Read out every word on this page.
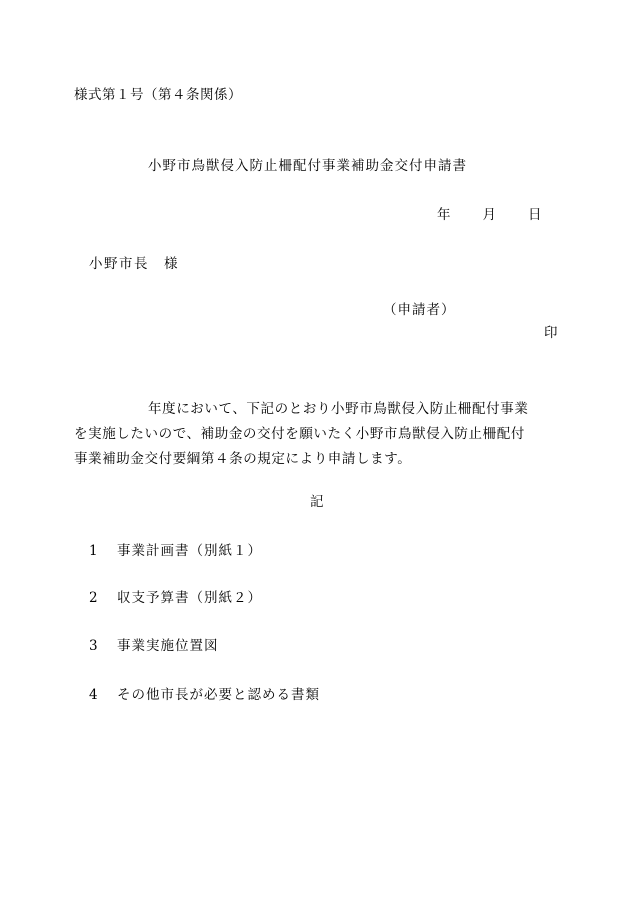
様式第１号（第４条関係）
小野市鳥獣侵入防止柵配付事業補助金交付申請書
年 月 日
小野市長　様
（申請者）
印
年度において、下記のとおり小野市鳥獣侵入防止柵配付事業
を実施したいので、補助金の交付を願いたく小野市鳥獣侵入防止柵配付
事業補助金交付要綱第４条の規定により申請します。
記
1 事業計画書（別紙１）
2 収支予算書（別紙２）
3 事業実施位置図
4 その他市長が必要と認める書類
